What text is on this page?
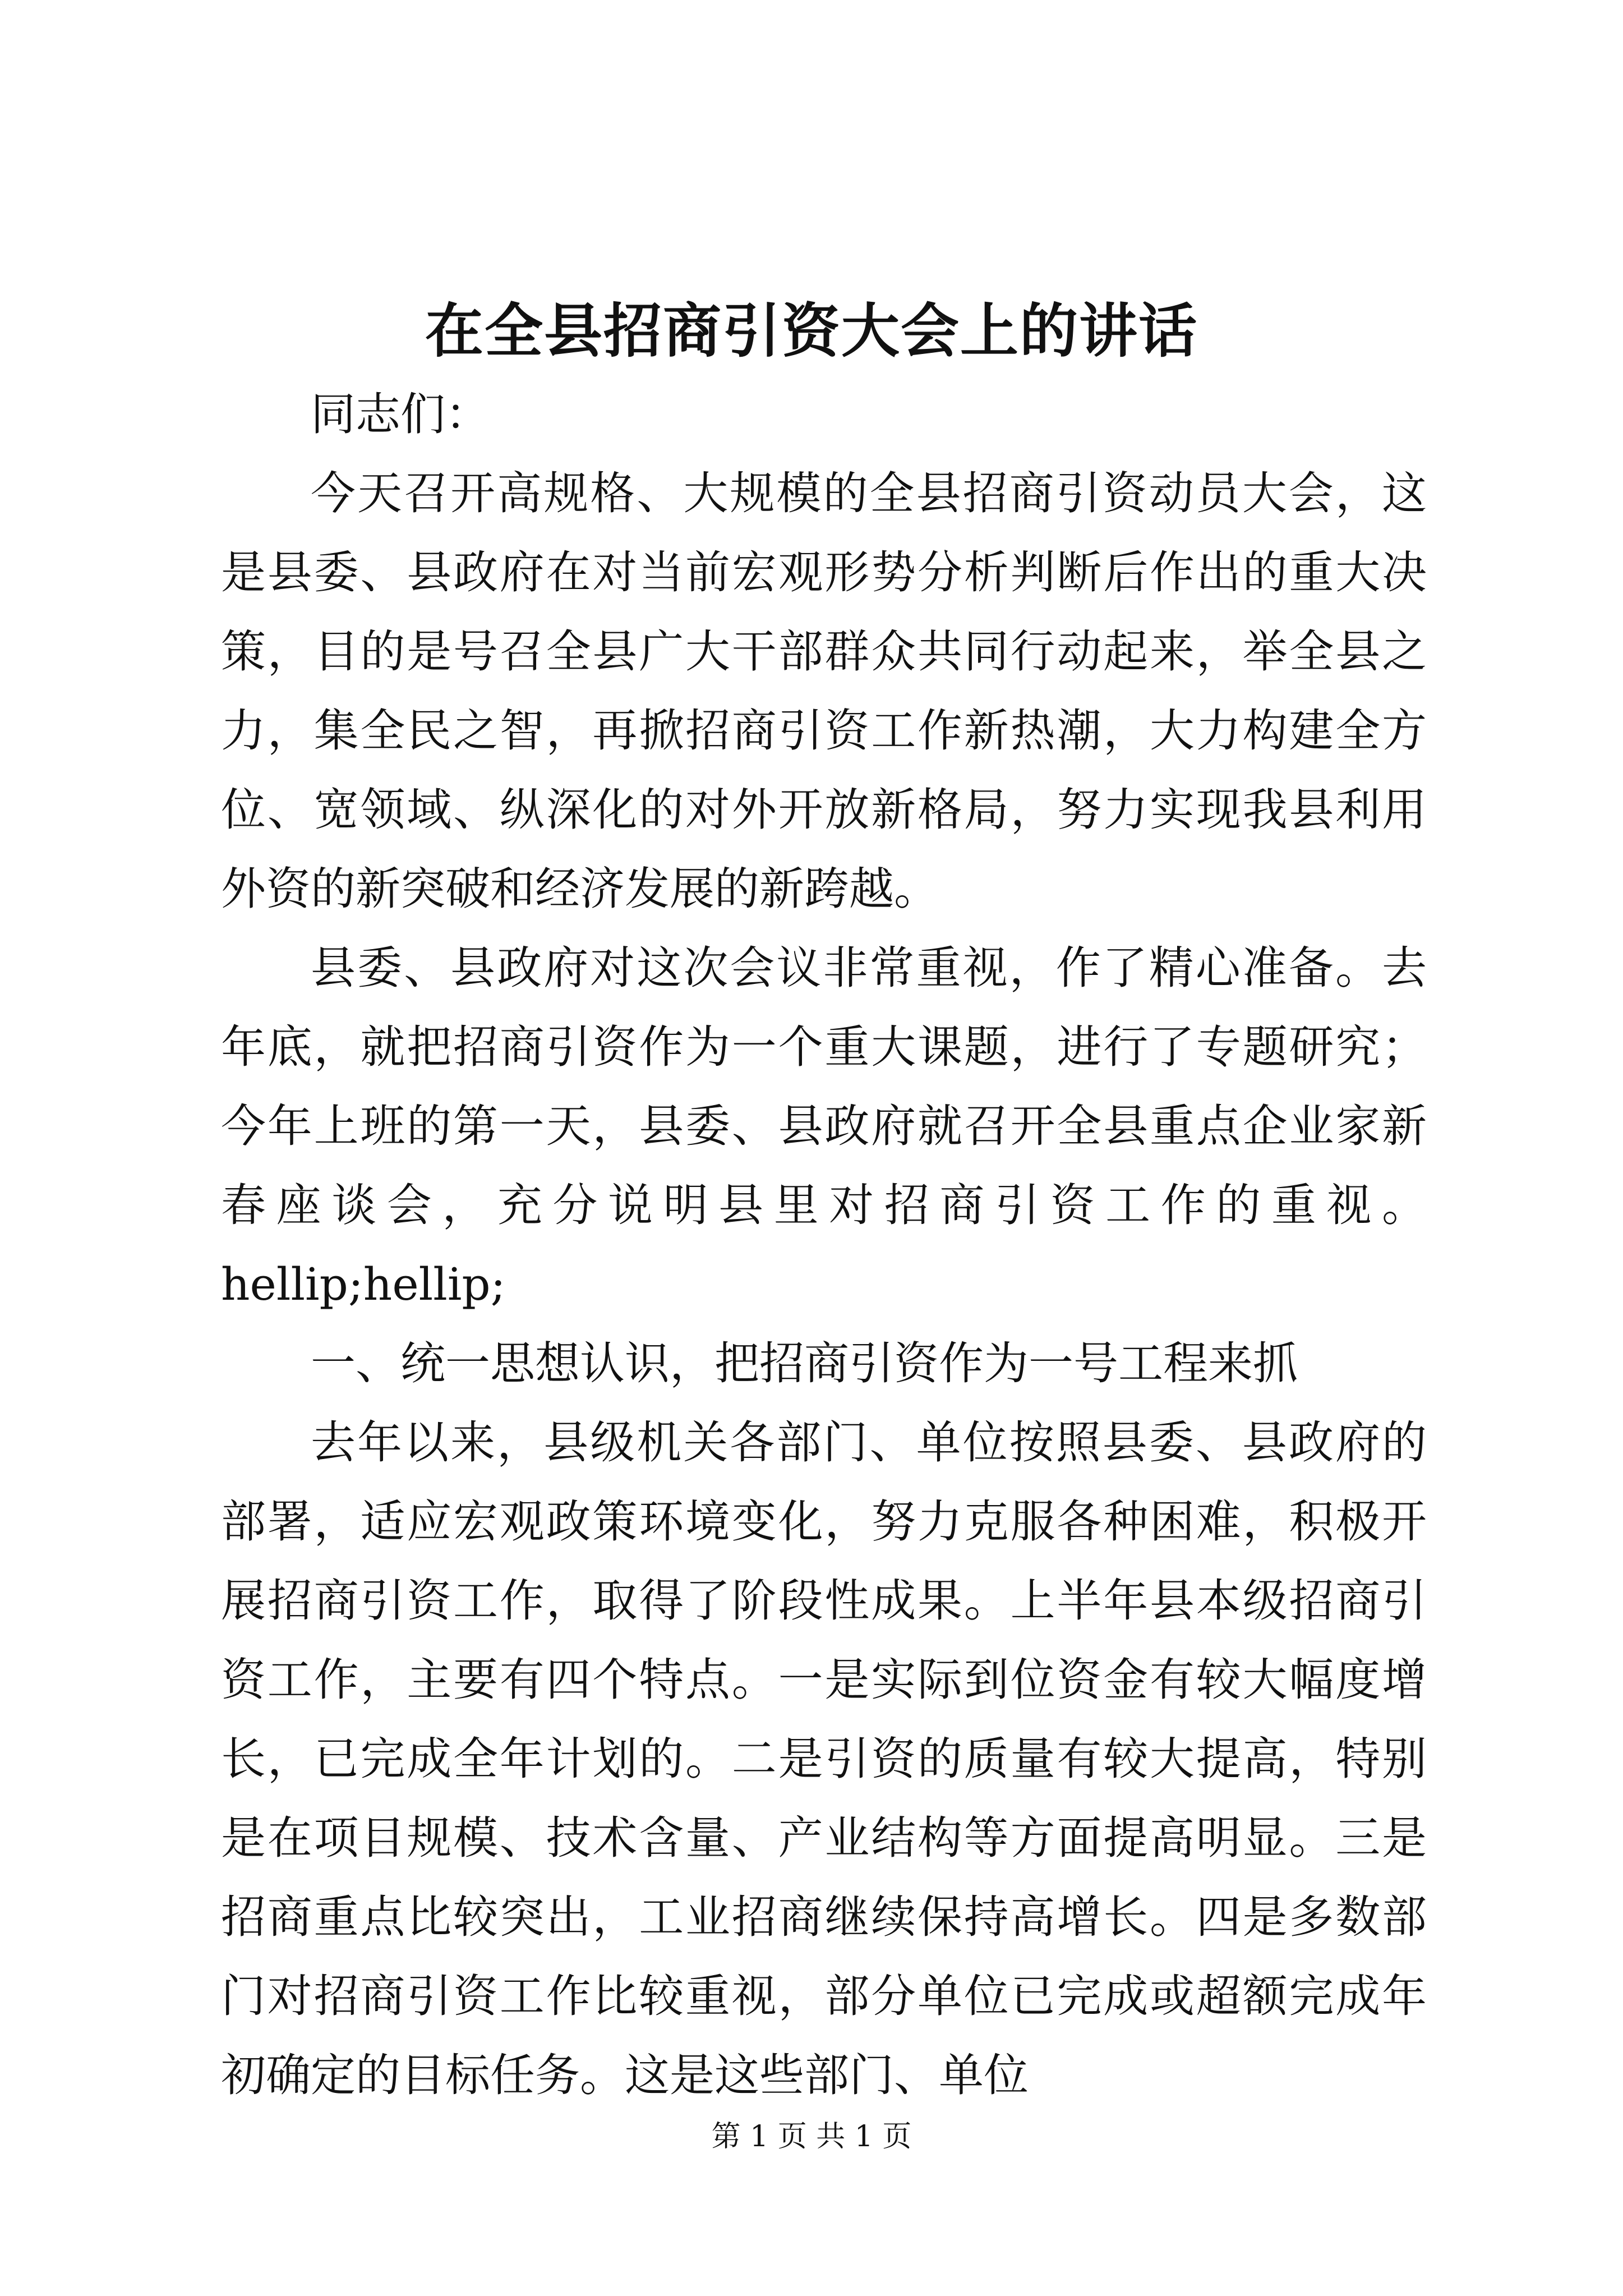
在全县招商引资大会上的讲话

同志们：

今天召开高规格、大规模的全县招商引资动员大会，这是县委、县政府在对当前宏观形势分析判断后作出的重大决策，目的是号召全县广大干部群众共同行动起来，举全县之力，集全民之智，再掀招商引资工作新热潮，大力构建全方位、宽领域、纵深化的对外开放新格局，努力实现我县利用外资的新突破和经济发展的新跨越。

县委、县政府对这次会议非常重视，作了精心准备。去年底，就把招商引资作为一个重大课题，进行了专题研究；今年上班的第一天，县委、县政府就召开全县重点企业家新春座谈会，充分说明县里对招商引资工作的重视。hellip;hellip;

一、统一思想认识，把招商引资作为一号工程来抓

去年以来，县级机关各部门、单位按照县委、县政府的部署，适应宏观政策环境变化，努力克服各种困难，积极开展招商引资工作，取得了阶段性成果。上半年县本级招商引资工作，主要有四个特点。一是实际到位资金有较大幅度增长，已完成全年计划的。二是引资的质量有较大提高，特别是在项目规模、技术含量、产业结构等方面提高明显。三是招商重点比较突出，工业招商继续保持高增长。四是多数部门对招商引资工作比较重视，部分单位已完成或超额完成年初确定的目标任务。这是这些部门、单位

第 1 页 共 1 页
